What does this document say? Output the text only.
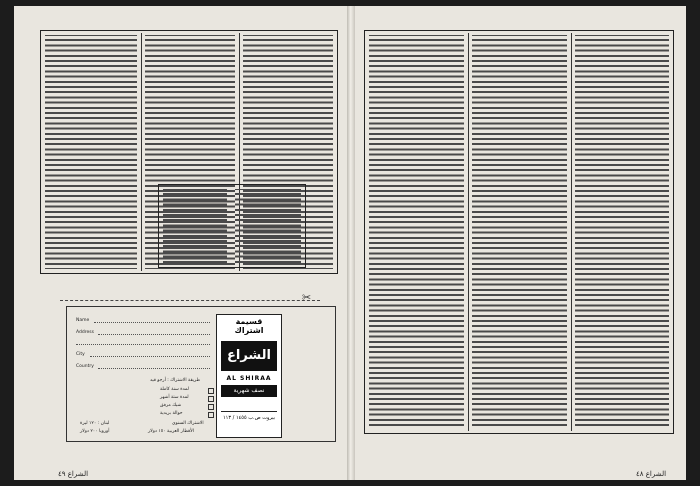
✂
Name
Address
City
Country
طريقة الاشتراك : أرجو قيد
لمدة سنة كاملة
لمدة ستة أشهر
شيك مرفق
حوالة بريدية
الاشتراك السنوي
لبنان : ١٢٠ ليرة
الأقطار العربية ١٥٠ دولار
أوروبا ٢٠٠ دولار
قسيمة اشتراك
الشراع
AL SHIRAA
نصف شهرية
بيروت ص.ب ١٤٥٥ / ١١٣
الشراع ٤٩	الشراع ٤٨
